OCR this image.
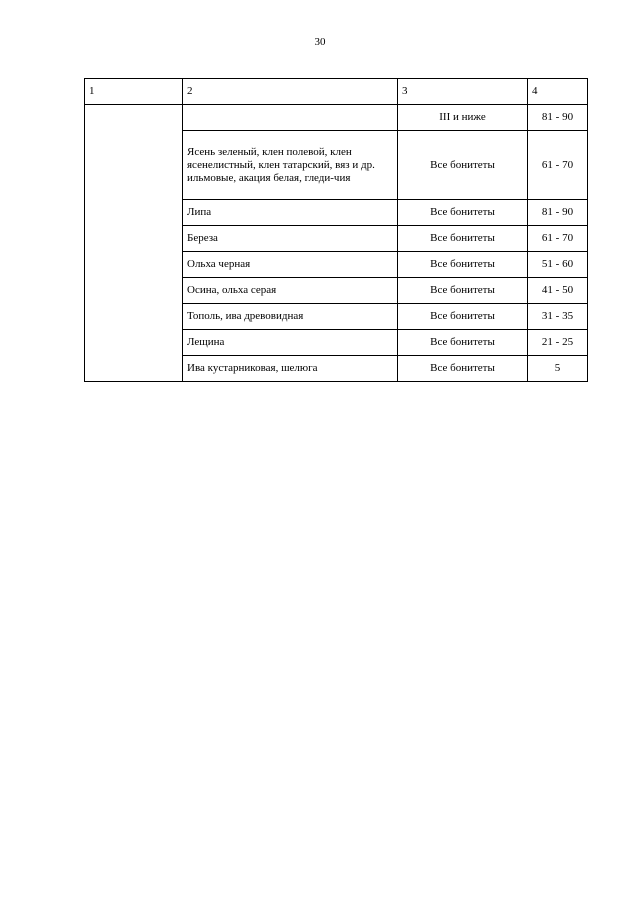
30
1	2	3	4
		III и ниже	81 - 90
	Ясень зеленый, клен полевой, клен ясенелистный, клен татарский, вяз и др. ильмовые, акация белая, гледи-чия	Все бонитеты	61 - 70
	Липа	Все бонитеты	81 - 90
	Береза	Все бонитеты	61 - 70
	Ольха черная	Все бонитеты	51 - 60
	Осина, ольха серая	Все бонитеты	41 - 50
	Тополь, ива древовидная	Все бонитеты	31 - 35
	Лещина	Все бонитеты	21 - 25
	Ива кустарниковая, шелюга	Все бонитеты	5
